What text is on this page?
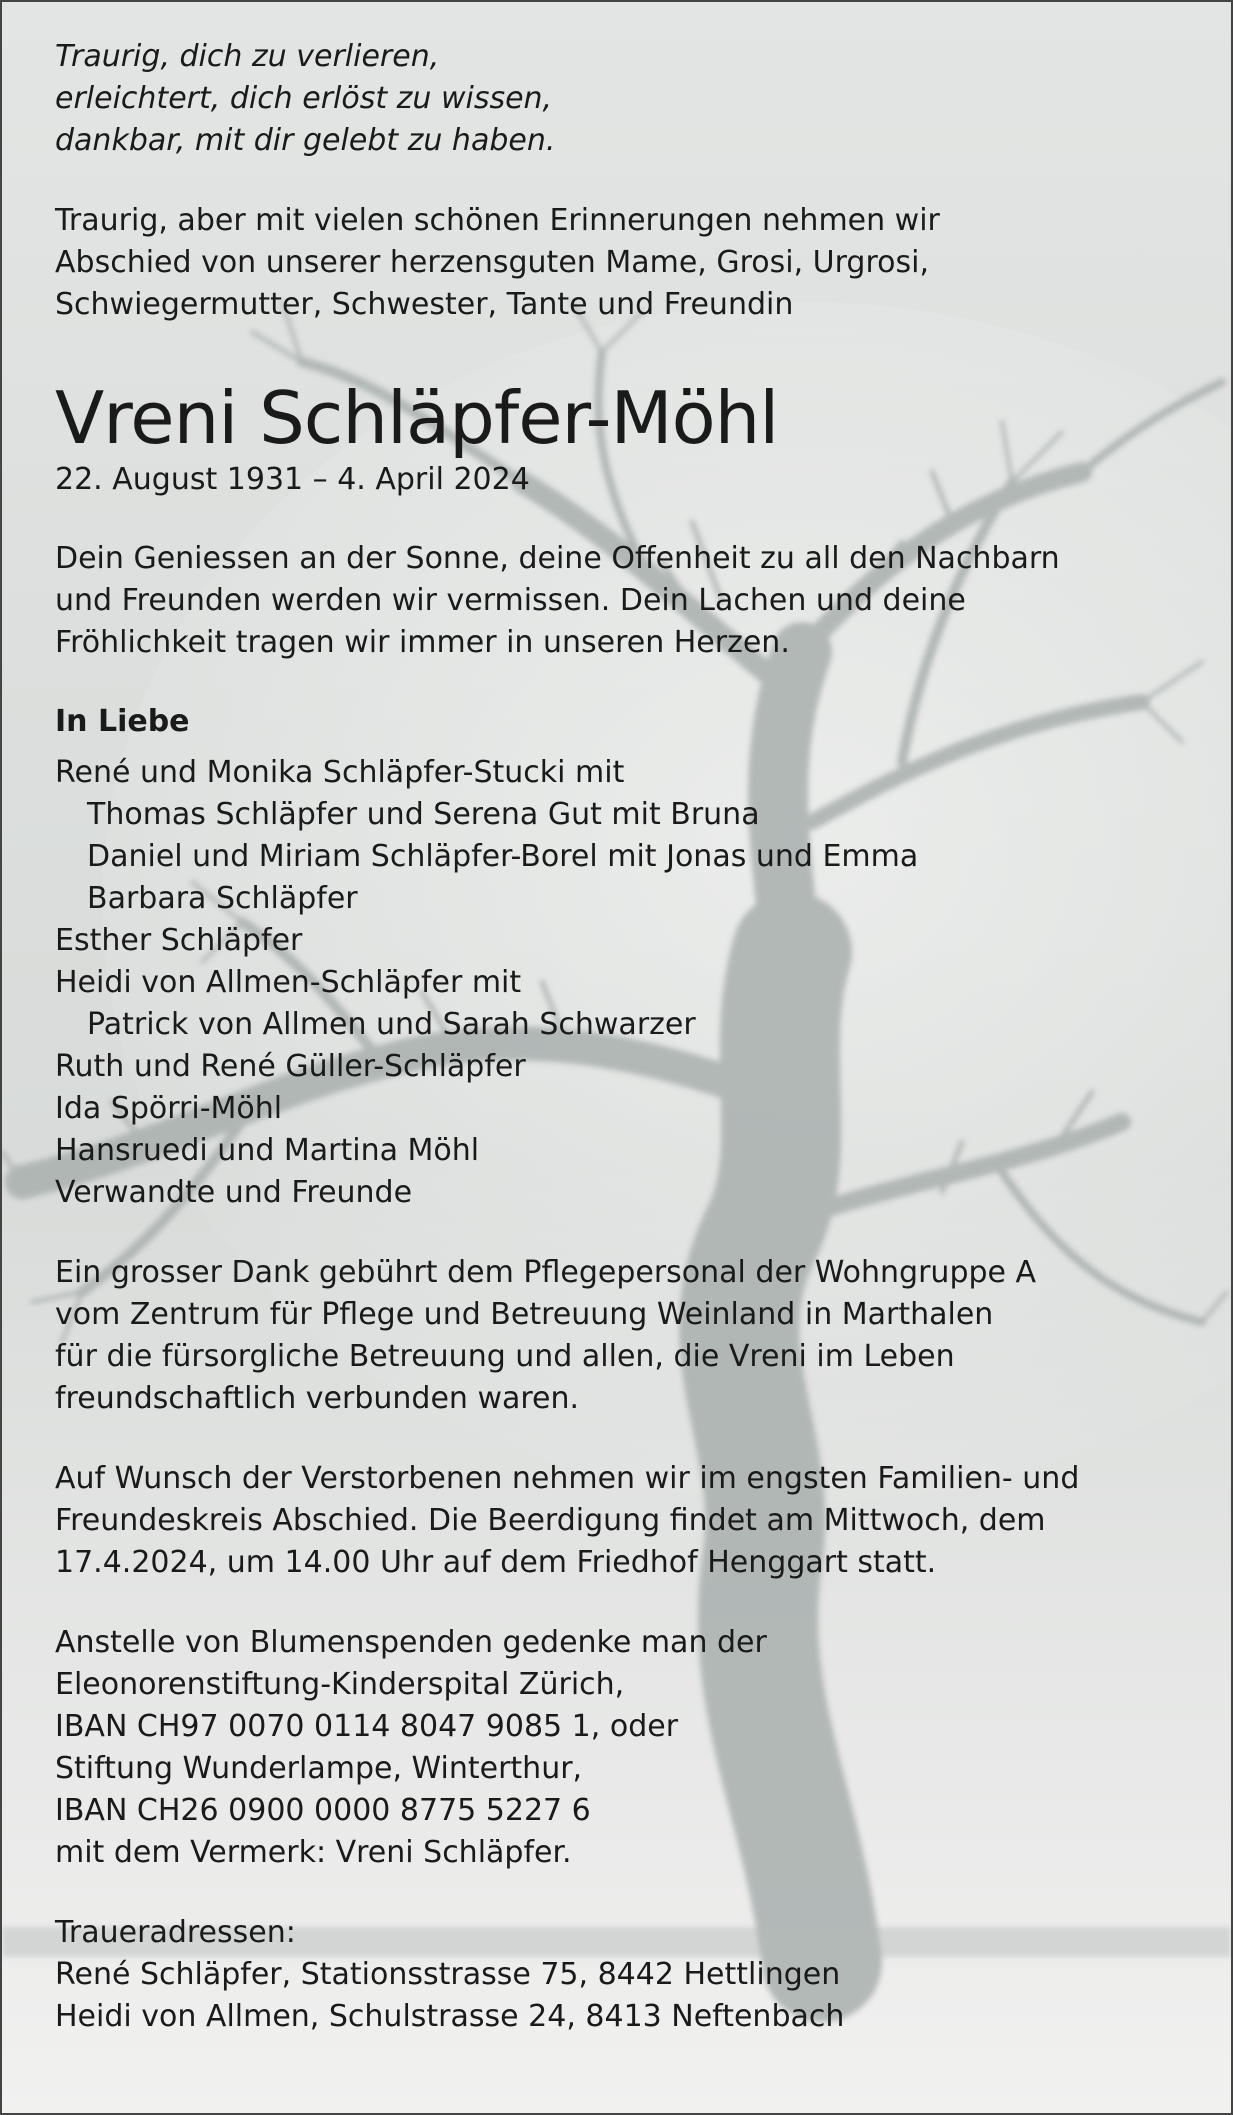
Traurig, dich zu verlieren,
erleichtert, dich erlöst zu wissen,
dankbar, mit dir gelebt zu haben.
Traurig, aber mit vielen schönen Erinnerungen nehmen wir
Abschied von unserer herzensguten Mame, Grosi, Urgrosi,
Schwiegermutter, Schwester, Tante und Freundin
Vreni Schläpfer-Möhl

22. August 1931 – 4. April 2024

Dein Geniessen an der Sonne, deine Offenheit zu all den Nachbarn
und Freunden werden wir vermissen. Dein Lachen und deine
Fröhlichkeit tragen wir immer in unseren Herzen.

In Liebe

René und Monika Schläpfer-Stucki mit
Thomas Schläpfer und Serena Gut mit Bruna
Daniel und Miriam Schläpfer-Borel mit Jonas und Emma
Barbara Schläpfer
Esther Schläpfer
Heidi von Allmen-Schläpfer mit
Patrick von Allmen und Sarah Schwarzer
Ruth und René Güller-Schläpfer
Ida Spörri-Möhl
Hansruedi und Martina Möhl
Verwandte und Freunde
Ein grosser Dank gebührt dem Pflegepersonal der Wohngruppe A
vom Zentrum für Pflege und Betreuung Weinland in Marthalen
für die fürsorgliche Betreuung und allen, die Vreni im Leben
freundschaftlich verbunden waren.
Auf Wunsch der Verstorbenen nehmen wir im engsten Familien- und
Freundeskreis Abschied. Die Beerdigung findet am Mittwoch, dem
17.4.2024, um 14.00 Uhr auf dem Friedhof Henggart statt.
Anstelle von Blumenspenden gedenke man der
Eleonorenstiftung-Kinderspital Zürich,
IBAN CH97 0070 0114 8047 9085 1, oder
Stiftung Wunderlampe, Winterthur,
IBAN CH26 0900 0000 8775 5227 6
mit dem Vermerk: Vreni Schläpfer.
Traueradressen:
René Schläpfer, Stationsstrasse 75, 8442 Hettlingen
Heidi von Allmen, Schulstrasse 24, 8413 Neftenbach
